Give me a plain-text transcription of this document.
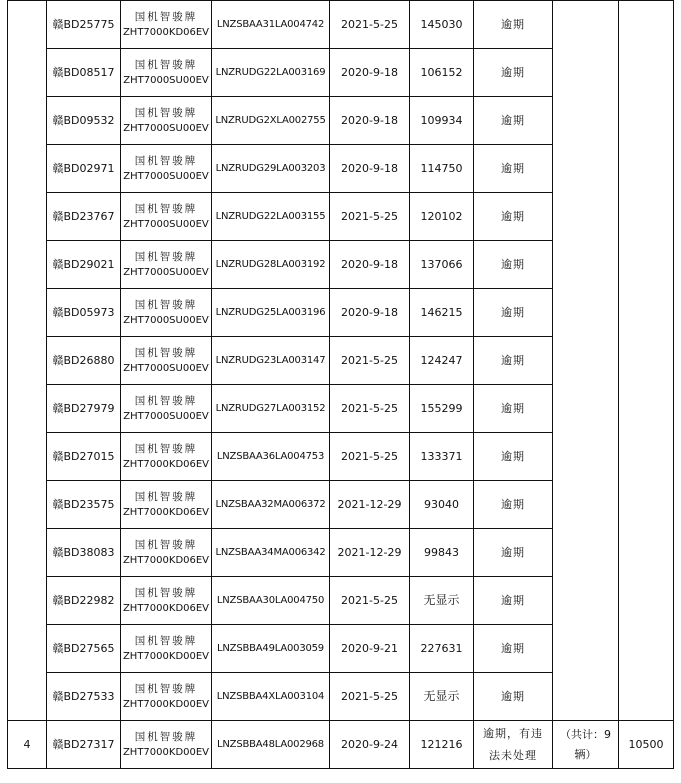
	赣BD25775	国机智骏牌
ZHT7000KD06EV	LNZSBAA31LA004742	2021-5-25	145030	逾期		
	赣BD08517	国机智骏牌
ZHT7000SU00EV	LNZRUDG22LA003169	2020-9-18	106152	逾期		
	赣BD09532	国机智骏牌
ZHT7000SU00EV	LNZRUDG2XLA002755	2020-9-18	109934	逾期		
	赣BD02971	国机智骏牌
ZHT7000SU00EV	LNZRUDG29LA003203	2020-9-18	114750	逾期		
	赣BD23767	国机智骏牌
ZHT7000SU00EV	LNZRUDG22LA003155	2021-5-25	120102	逾期		
	赣BD29021	国机智骏牌
ZHT7000SU00EV	LNZRUDG28LA003192	2020-9-18	137066	逾期		
	赣BD05973	国机智骏牌
ZHT7000SU00EV	LNZRUDG25LA003196	2020-9-18	146215	逾期		
	赣BD26880	国机智骏牌
ZHT7000SU00EV	LNZRUDG23LA003147	2021-5-25	124247	逾期		
	赣BD27979	国机智骏牌
ZHT7000SU00EV	LNZRUDG27LA003152	2021-5-25	155299	逾期		
	赣BD27015	国机智骏牌
ZHT7000KD06EV	LNZSBAA36LA004753	2021-5-25	133371	逾期		
	赣BD23575	国机智骏牌
ZHT7000KD06EV	LNZSBAA32MA006372	2021-12-29	93040	逾期		
	赣BD38083	国机智骏牌
ZHT7000KD06EV	LNZSBAA34MA006342	2021-12-29	99843	逾期		
	赣BD22982	国机智骏牌
ZHT7000KD06EV	LNZSBAA30LA004750	2021-5-25	无显示	逾期		
	赣BD27565	国机智骏牌
ZHT7000KD00EV	LNZSBBA49LA003059	2020-9-21	227631	逾期		
	赣BD27533	国机智骏牌
ZHT7000KD00EV	LNZSBBA4XLA003104	2021-5-25	无显示	逾期		
4	赣BD27317	国机智骏牌
ZHT7000KD00EV	LNZSBBA48LA002968	2020-9-24	121216	逾期，有违
法未处理	（共计：9
辆）	10500
